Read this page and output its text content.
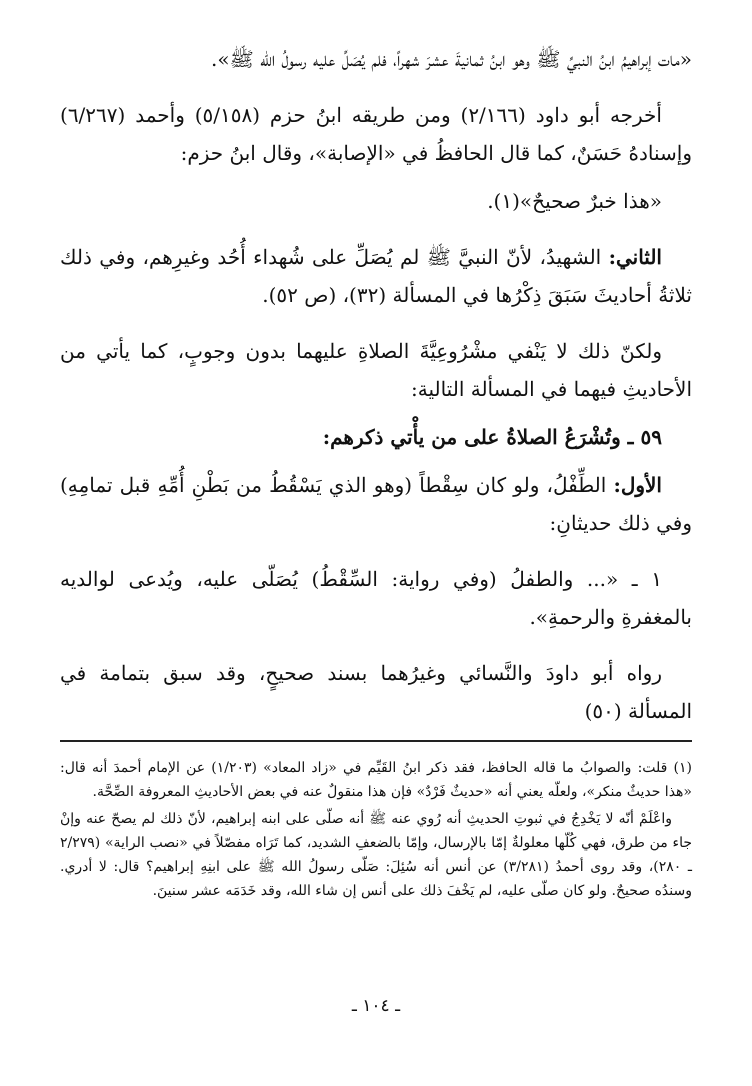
«مات إبراهيمُ ابنُ النبيِّ ﷺ وهو ابنُ ثمانيةَ عشرَ شهراً، فلم يُصَلِّ عليه رسولُ الله ﷺ».

أخرجه أبو داود (٢/١٦٦) ومن طريقه ابنُ حزم (٥/١٥٨) وأحمد (٦/٢٦٧) وإسنادهُ حَسَنٌ، كما قال الحافظُ في «الإصابة»، وقال ابنُ حزم:

«هذا خبرٌ صحيحٌ»(١).

الثاني: الشهيدُ، لأنّ النبيَّ ﷺ لم يُصَلِّ على شُهداء أُحُد وغيرِهم، وفي ذلك ثلاثةُ أحاديثَ سَبَقَ ذِكْرُها في المسألة (٣٢)، (ص ٥٢).

ولكنّ ذلك لا يَنْفي مشْرُوعِيَّةَ الصلاةِ عليهما بدون وجوبٍ، كما يأتي من الأحاديثِ فيهما في المسألة التالية:

٥٩ ـ وتُشْرَعُ الصلاةُ على من يأْتي ذكرهم:

الأول: الطِّفْلُ، ولو كان سِقْطاً (وهو الذي يَسْقُطُ من بَطْنِ أُمِّهِ قبل تمامِهِ) وفي ذلك حديثانِ:

١ ـ «... والطفلُ (وفي رواية: السِّقْطُ) يُصَلّى عليه، ويُدعى لوالديه بالمغفرةِ والرحمةِ».

رواه أبو داودَ والنَّسائي وغيرُهما بسند صحيحٍ، وقد سبق بتمامة في المسألة (٥٠)

(١) قلت: والصوابُ ما قاله الحافظ، فقد ذكر ابنُ القَيِّم في «زاد المعاد» (١/٢٠٣) عن الإمام أحمدَ أنه قال: «هذا حديثٌ منكر»، ولعلّه يعني أنه «حديثٌ فَرْدٌ» فإن هذا منقولٌ عنه في بعض الأحاديثِ المعروفة الصِّحَّة.

واعْلَمْ أنّه لا يَخْدِجُ في ثبوتِ الحديثِ أنه رُوي عنه ﷺ أنه صلّى على ابنه إبراهيم، لأنّ ذلك لم يصحّ عنه وإنْ جاء من طرق، فهي كُلّها معلولةٌ إمّا بالإرسال، وإمّا بالضعفِ الشديد، كما تَرَاه مفصّلاً في «نصب الراية» (٢/٢٧٩ ـ ٢٨٠)، وقد روى أحمدُ (٣/٢٨١) عن أنس أنه سُئِلَ: صَلّى رسولُ الله ﷺ على ابنِهِ إبراهيم؟ قال: لا أدري. وسندُه صحيحٌ. ولو كان صلّى عليه، لم يَخْفَ ذلك على أنس إن شاء الله، وقد خَدَمَه عشر سنينَ.

ـ ١٠٤ ـ
